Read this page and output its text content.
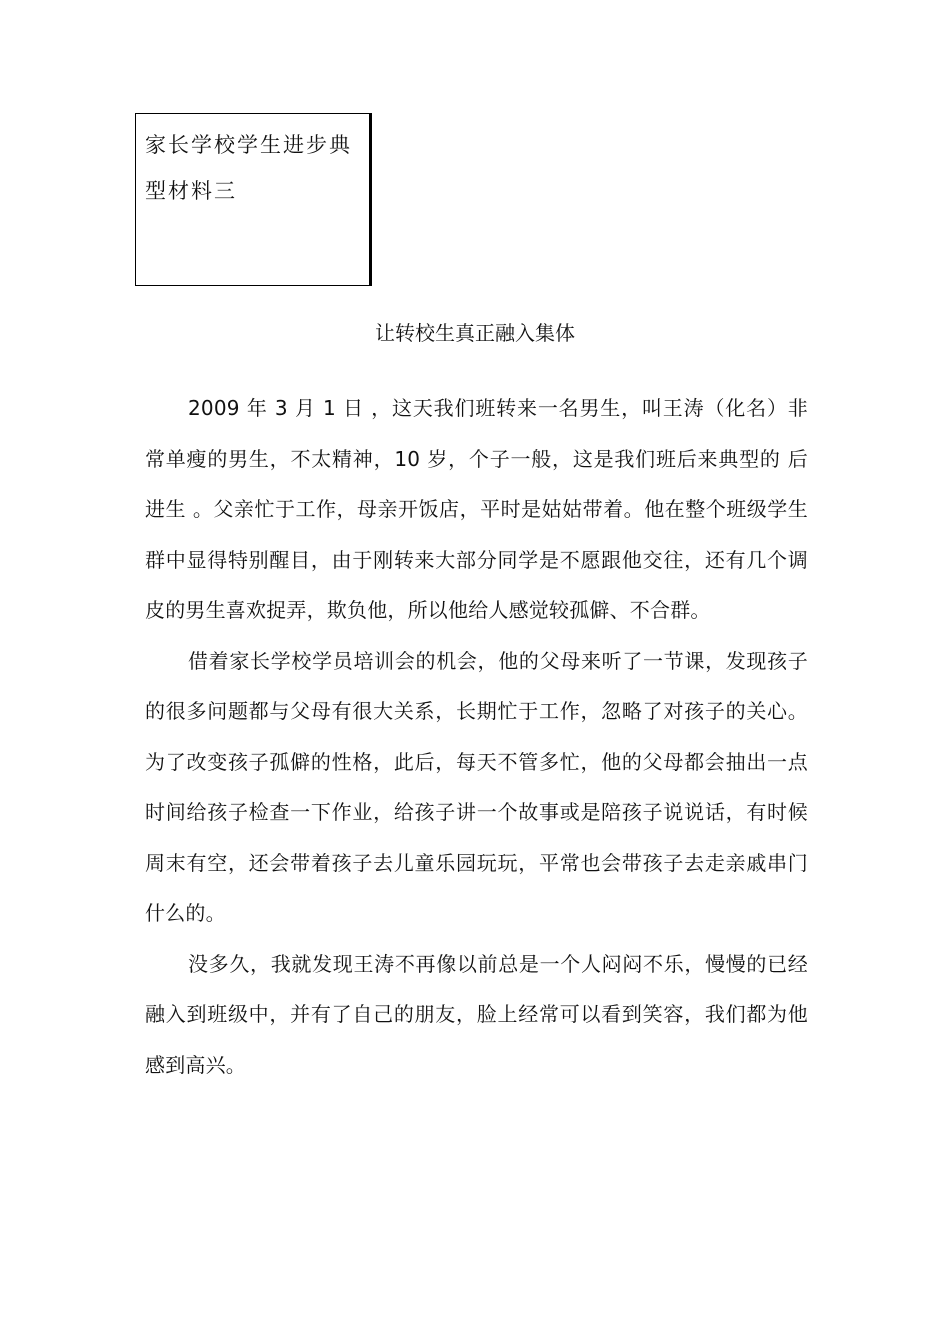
家长学校学生进步典
型材料三
让转校生真正融入集体

2009 年 3 月 1 日 ，这天我们班转来一名男生，叫王涛（化名）非常单瘦的男生，不太精神，10 岁，个子一般，这是我们班后来典型的 后进生 。父亲忙于工作，母亲开饭店，平时是姑姑带着。他在整个班级学生群中显得特别醒目，由于刚转来大部分同学是不愿跟他交往，还有几个调皮的男生喜欢捉弄，欺负他，所以他给人感觉较孤僻、不合群。

借着家长学校学员培训会的机会，他的父母来听了一节课，发现孩子的很多问题都与父母有很大关系，长期忙于工作，忽略了对孩子的关心。为了改变孩子孤僻的性格，此后，每天不管多忙，他的父母都会抽出一点时间给孩子检查一下作业，给孩子讲一个故事或是陪孩子说说话，有时候周末有空，还会带着孩子去儿童乐园玩玩，平常也会带孩子去走亲戚串门什么的。

没多久，我就发现王涛不再像以前总是一个人闷闷不乐，慢慢的已经融入到班级中，并有了自己的朋友，脸上经常可以看到笑容，我们都为他感到高兴。
